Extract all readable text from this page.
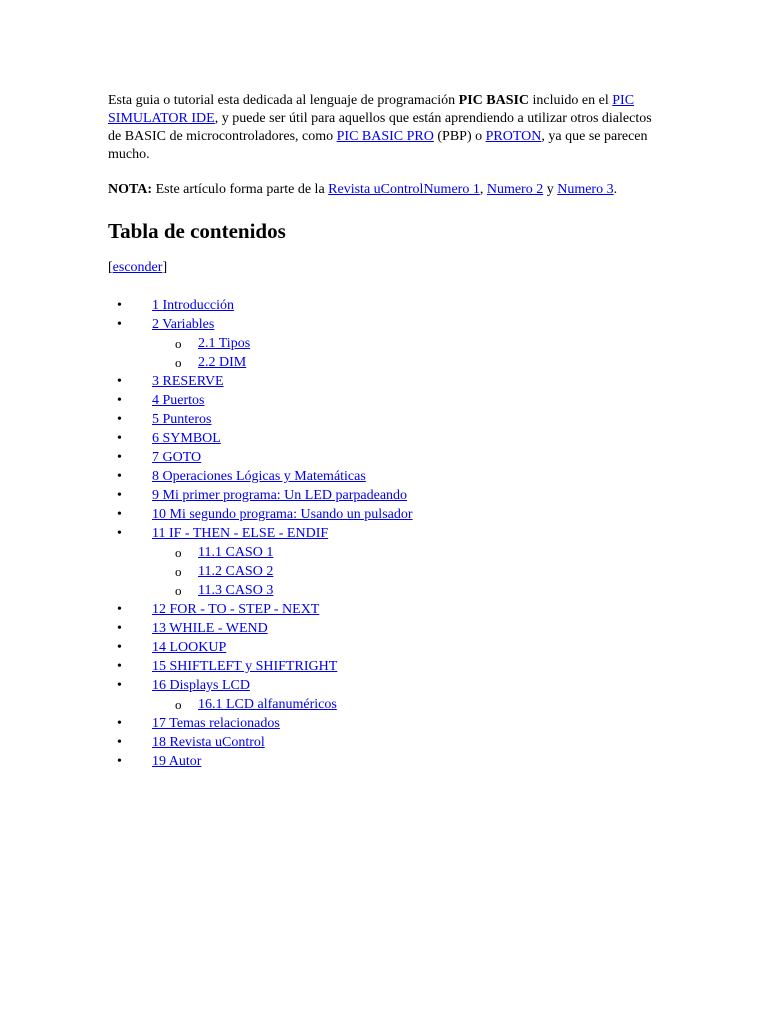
Esta guia o tutorial esta dedicada al lenguaje de programación PIC BASIC incluido en el PIC SIMULATOR IDE, y puede ser útil para aquellos que están aprendiendo a utilizar otros dialectos de BASIC de microcontroladores, como PIC BASIC PRO (PBP) o PROTON, ya que se parecen mucho.

NOTA: Este artículo forma parte de la Revista uControlNumero 1, Numero 2 y Numero 3.

Tabla de contenidos

[esconder]

• 1 Introducción
• 2 Variables
o 2.1 Tipos
o 2.2 DIM
• 3 RESERVE
• 4 Puertos
• 5 Punteros
• 6 SYMBOL
• 7 GOTO
• 8 Operaciones Lógicas y Matemáticas
• 9 Mi primer programa: Un LED parpadeando
• 10 Mi segundo programa: Usando un pulsador
• 11 IF - THEN - ELSE - ENDIF
o 11.1 CASO 1
o 11.2 CASO 2
o 11.3 CASO 3
• 12 FOR - TO - STEP - NEXT
• 13 WHILE - WEND
• 14 LOOKUP
• 15 SHIFTLEFT y SHIFTRIGHT
• 16 Displays LCD
o 16.1 LCD alfanuméricos
• 17 Temas relacionados
• 18 Revista uControl
• 19 Autor
